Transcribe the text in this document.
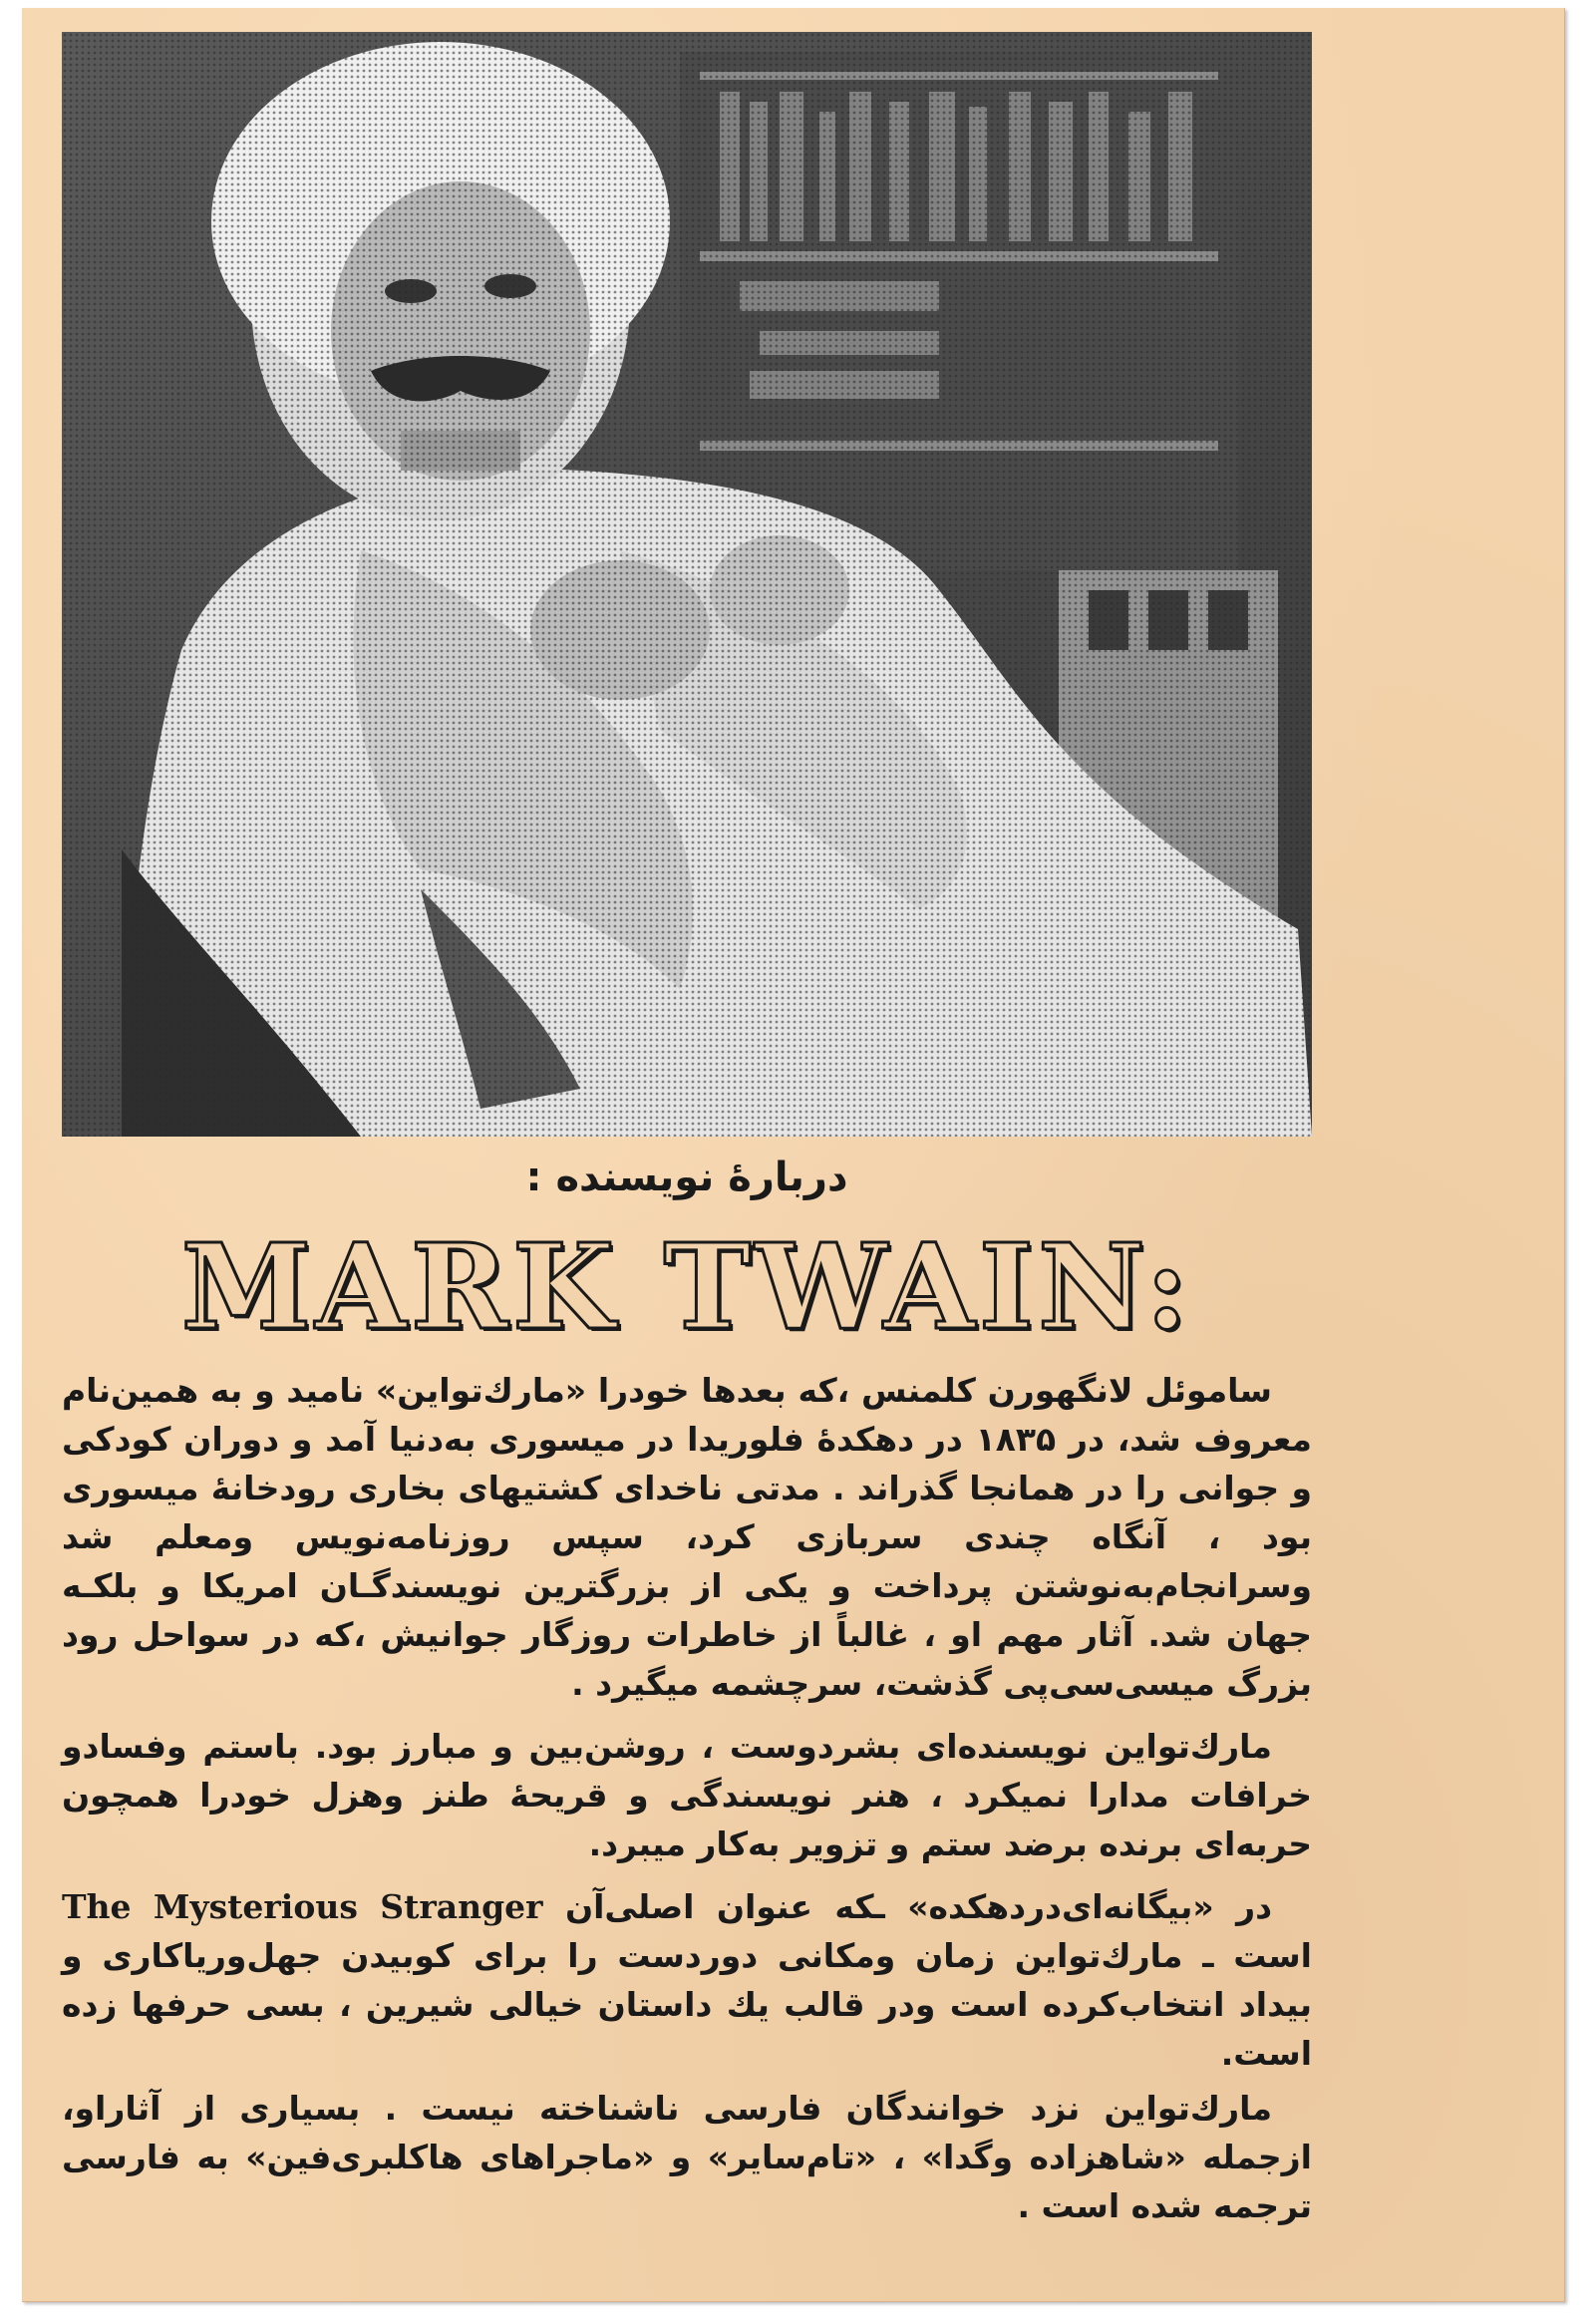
دربارهٔ نویسنده :
MARK TWAIN:

ساموئل لانگهورن کلمنس ،که بعدها خودرا «مارك‌تواین» نامید و به همین‌نام معروف شد، در ۱۸۳۵ در دهکدهٔ فلوریدا در میسوری به‌دنیا آمد و دوران کودکی و جوانی را در همانجا گذراند . مدتی ناخدای کشتیهای بخاری رودخانهٔ میسوری بود ، آنگاه چندی سربازی کرد، سپس روزنامه‌نویس ومعلم شد وسرانجام‌به‌نوشتن پرداخت و یکی از بزرگترین نویسندگـان امریکا و بلکـه جهان شد. آثار مهم او ، غالباً از خاطرات روزگار جوانیش ،که در سواحل رود بزرگ میسی‌سی‌پی گذشت، سرچشمه میگیرد .

مارك‌تواین نویسنده‌ای بشردوست ، روشن‌بین و مبارز بود. باستم وفسادو خرافات مدارا نمیکرد ، هنر نویسندگی و قریحهٔ طنز وهزل خودرا همچون حربه‌ای برنده برضد ستم و تزویر به‌کار میبرد.

در «بیگانه‌ای‌دردهکده» ـکه عنوان اصلی‌آن The Mysterious Stranger است ـ مارك‌تواین زمان ومکانی دوردست را برای کوبیدن جهل‌وریاکاری و بیداد انتخاب‌کرده است ودر قالب یك داستان خیالی شیرین ، بسی حرفها زده است.

مارك‌تواین نزد خوانندگان فارسی ناشناخته نیست . بسیاری از آثاراو، ازجمله «شاهزاده وگدا» ، «تام‌سایر» و «ماجراهای هاکلبری‌فین» به فارسی ترجمه شده است .
